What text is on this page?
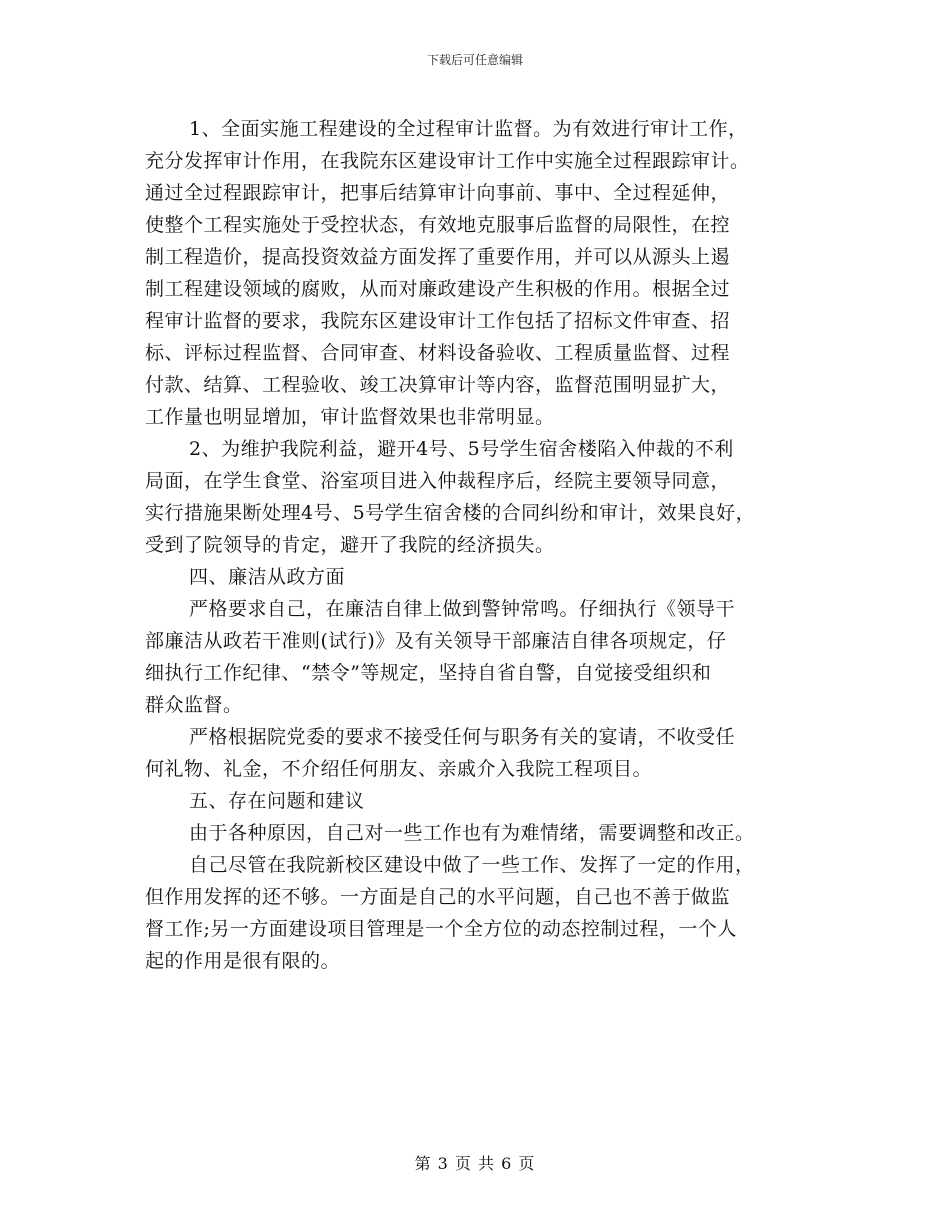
下载后可任意编辑
1、全面实施工程建设的全过程审计监督。为有效进行审计工作，
充分发挥审计作用，在我院东区建设审计工作中实施全过程跟踪审计。
通过全过程跟踪审计，把事后结算审计向事前、事中、全过程延伸，
使整个工程实施处于受控状态，有效地克服事后监督的局限性，在控
制工程造价，提高投资效益方面发挥了重要作用，并可以从源头上遏
制工程建设领域的腐败，从而对廉政建设产生积极的作用。根据全过
程审计监督的要求，我院东区建设审计工作包括了招标文件审查、招
标、评标过程监督、合同审查、材料设备验收、工程质量监督、过程
付款、结算、工程验收、竣工决算审计等内容，监督范围明显扩大，
工作量也明显增加，审计监督效果也非常明显。
2、为维护我院利益，避开4号、5号学生宿舍楼陷入仲裁的不利
局面，在学生食堂、浴室项目进入仲裁程序后，经院主要领导同意，
实行措施果断处理4号、5号学生宿舍楼的合同纠纷和审计，效果良好，
受到了院领导的肯定，避开了我院的经济损失。
四、廉洁从政方面
严格要求自己，在廉洁自律上做到警钟常鸣。仔细执行《领导干
部廉洁从政若干准则(试行)》及有关领导干部廉洁自律各项规定，仔
细执行工作纪律、“禁令”等规定，坚持自省自警，自觉接受组织和
群众监督。
严格根据院党委的要求不接受任何与职务有关的宴请，不收受任
何礼物、礼金，不介绍任何朋友、亲戚介入我院工程项目。
五、存在问题和建议
由于各种原因，自己对一些工作也有为难情绪，需要调整和改正。
自己尽管在我院新校区建设中做了一些工作、发挥了一定的作用，
但作用发挥的还不够。一方面是自己的水平问题，自己也不善于做监
督工作;另一方面建设项目管理是一个全方位的动态控制过程，一个人
起的作用是很有限的。
第 3 页 共 6 页
